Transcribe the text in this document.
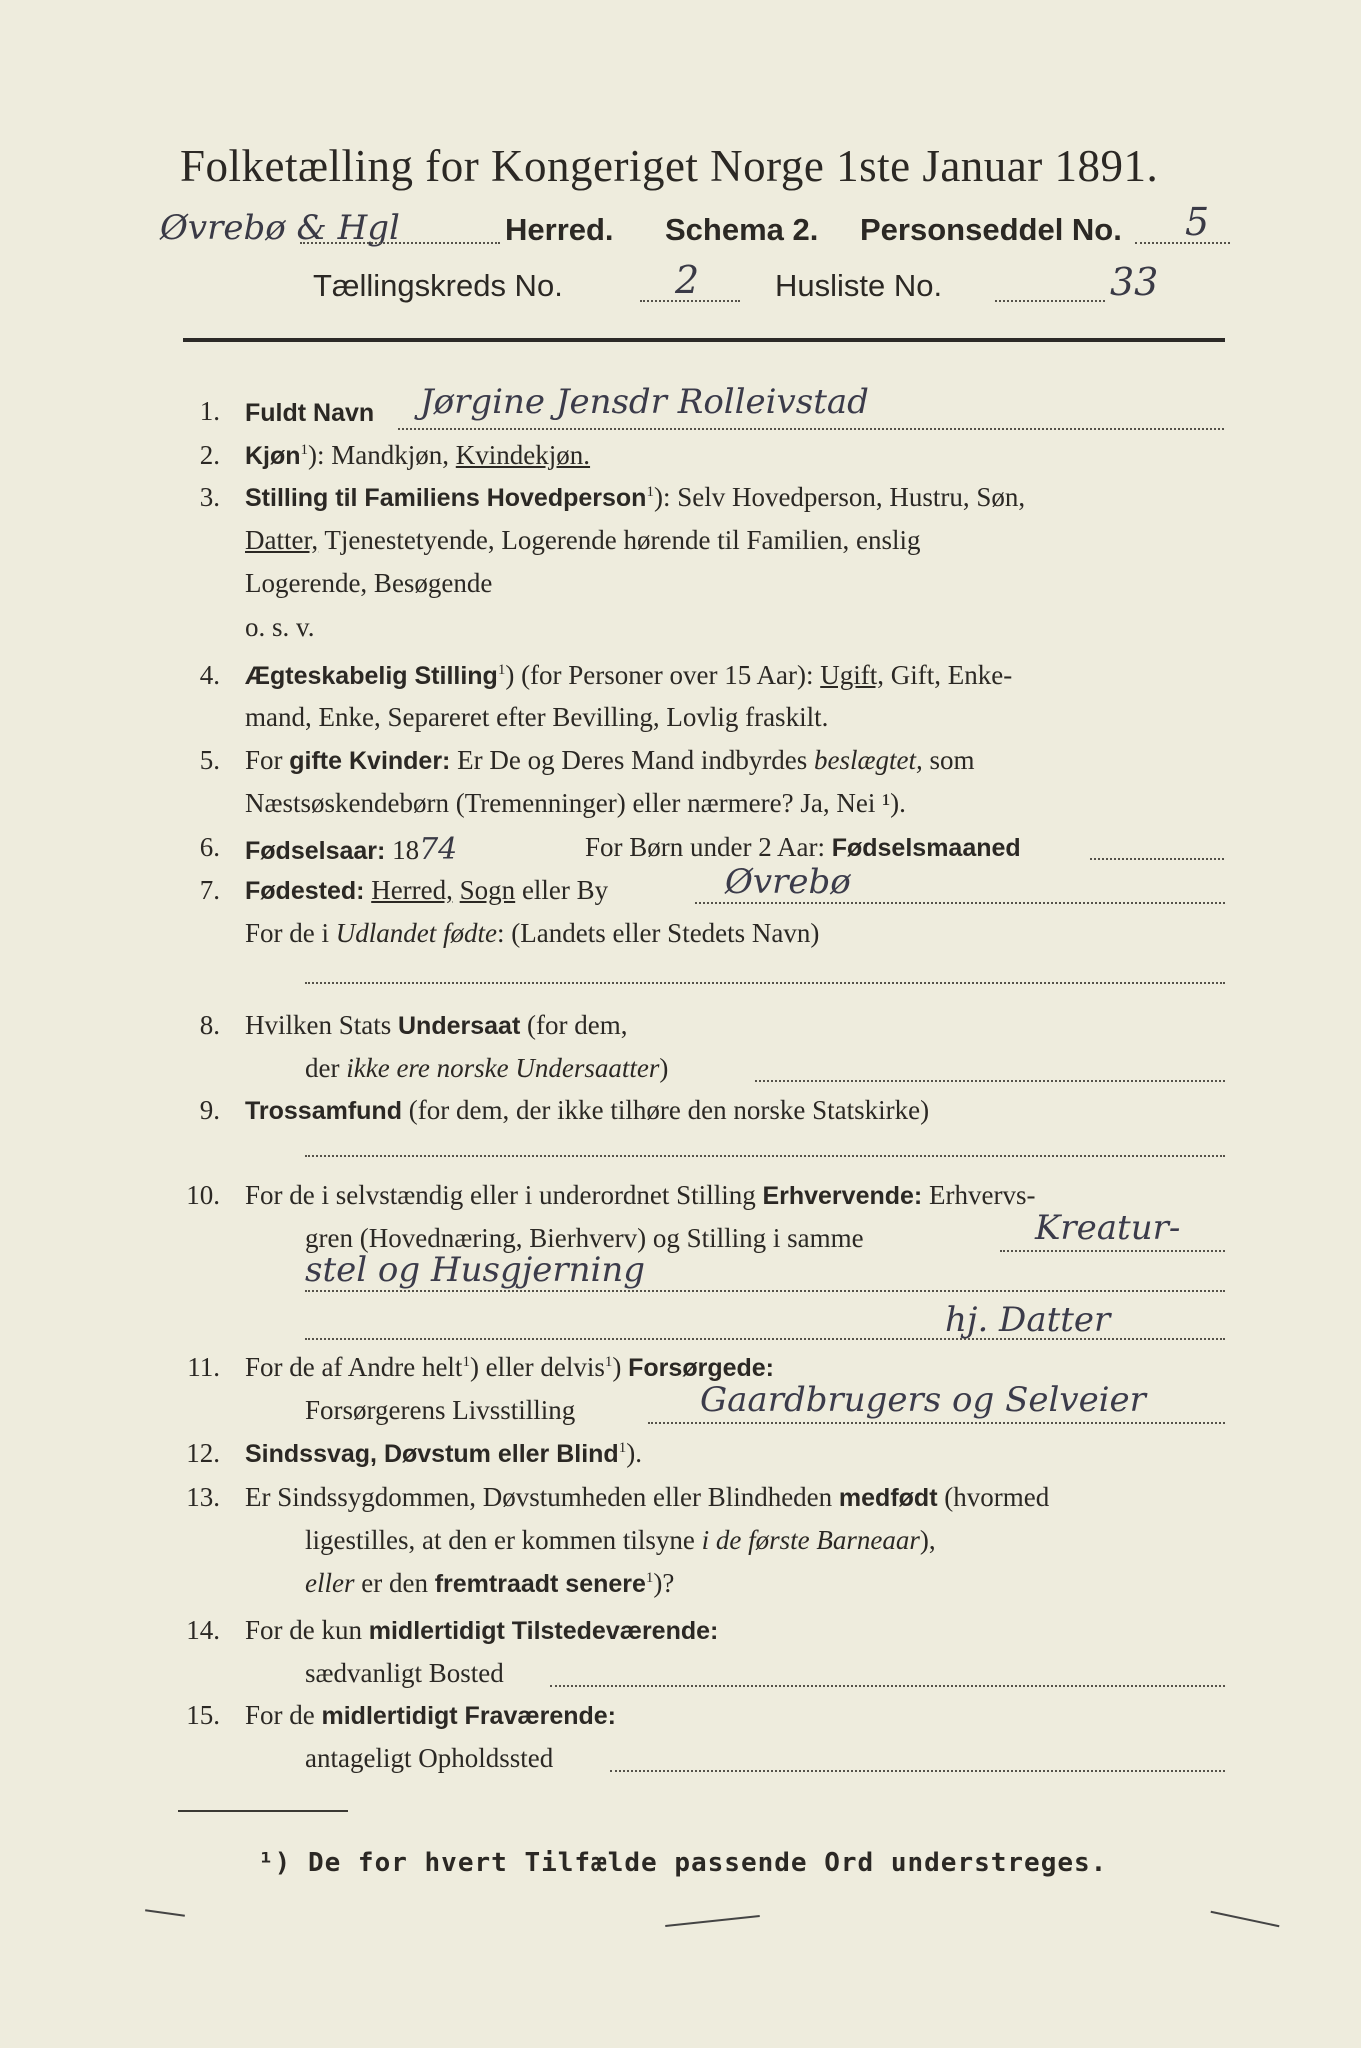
Folketælling for Kongeriget Norge 1ste Januar 1891.
Øvrebø & Hgl	Herred. Schema 2. Personseddel No. 5
Tællingskreds No.	2 Husliste No.	33
1. Fuldt Navn Jørgine Jensdr Rolleivstad
2. Kjøn$^1$): Mandkjøn, Kvindekjøn.
3. Stilling til Familiens Hovedperson$^1$): Selv Hovedperson, Hustru, Søn,
Datter, Tjenestetyende, Logerende hørende til Familien, enslig
Logerende, Besøgende
o. s. v.
4. Ægteskabelig Stilling$^1$) (for Personer over 15 Aar): Ugift, Gift, Enke-
mand, Enke, Separeret efter Bevilling, Lovlig fraskilt.
5. For gifte Kvinder: Er De og Deres Mand indbyrdes beslægtet, som
Næstsøskendebørn (Tremenninger) eller nærmere? Ja, Nei ¹).
6. Fødselsaar: 1874	For Børn under 2 Aar: Fødselsmaaned
7. Fødested: Herred, Sogn eller By	Øvrebø
For de i Udlandet fødte: (Landets eller Stedets Navn)
8. Hvilken Stats Undersaat (for dem,
der ikke ere norske Undersaatter)
9. Trossamfund (for dem, der ikke tilhøre den norske Statskirke)
10. For de i selvstændig eller i underordnet Stilling Erhvervende: Erhvervs-
gren (Hovednæring, Bierhverv) og Stilling i samme	Kreatur-
stel og Husgjerning
hj. Datter
11. For de af Andre helt$^1$) eller delvis$^1$) Forsørgede:
Forsørgerens Livsstilling	Gaardbrugers og Selveier
12. Sindssvag, Døvstum eller Blind$^1$).
13. Er Sindssygdommen, Døvstumheden eller Blindheden medfødt (hvormed
ligestilles, at den er kommen tilsyne i de første Barneaar),
eller er den fremtraadt senere$^1$)?
14. For de kun midlertidigt Tilstedeværende:
sædvanligt Bosted
15. For de midlertidigt Fraværende:
antageligt Opholdssted
¹) De for hvert Tilfælde passende Ord understreges.
